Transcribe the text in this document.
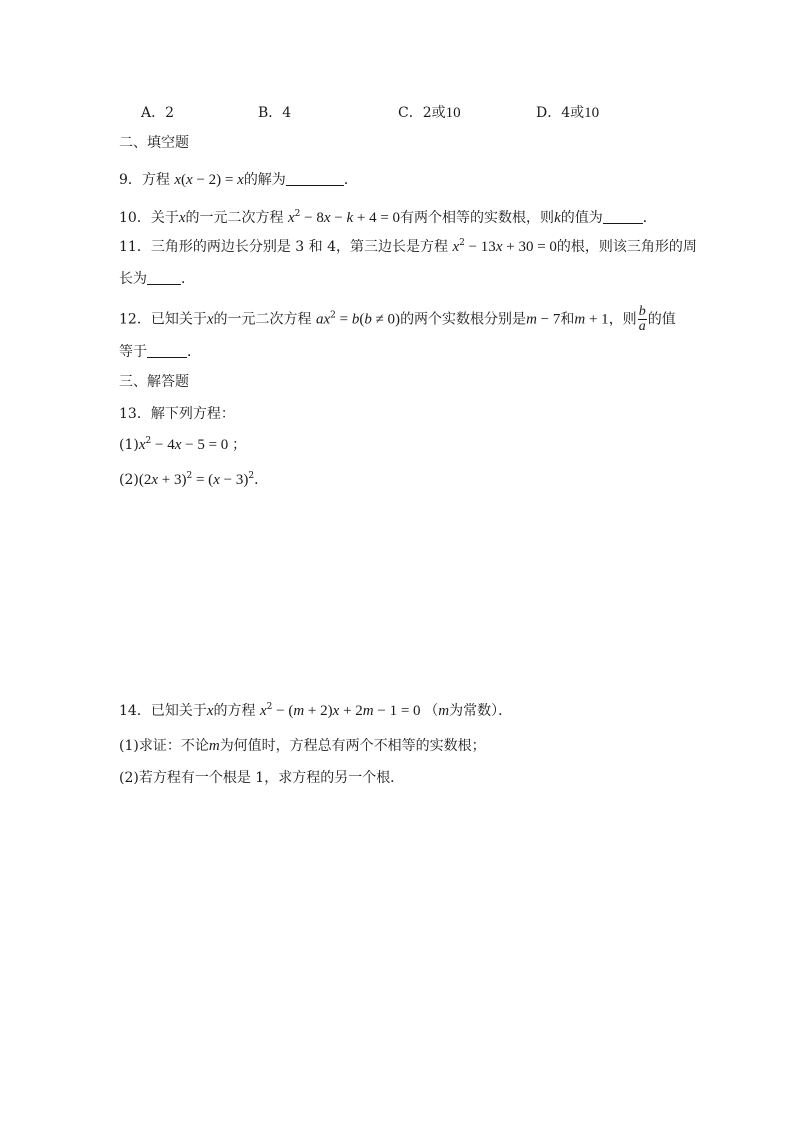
A．2	B．4	C．2或10	D．4或10
二、填空题
9．方程 x(x − 2) = x的解为	．
10．关于x的一元二次方程 $x^2 - 8x - k + 4 = 0$有两个相等的实数根，则k的值为	．
11．三角形的两边长分别是 3 和 4，第三边长是方程 $x^2 - 13x + 30 = 0$的根，则该三角形的周
长为 ．
12．已知关于x的一元二次方程 $ax^2 = b(b \ne 0)$的两个实数根分别是m − 7和m + 1，则 $\frac{b}{a}$ 的值
等于	．
三、解答题
13．解下列方程：
$(1)x^2 - 4x - 5 = 0$ ；
$(2)(2x + 3)^2 = (x - 3)^2$．
14．已知关于x的方程 $x^2 - (m + 2)x + 2m - 1 = 0$ （m为常数）．
(1)求证：不论m为何值时，方程总有两个不相等的实数根；
(2)若方程有一个根是 1，求方程的另一个根．
